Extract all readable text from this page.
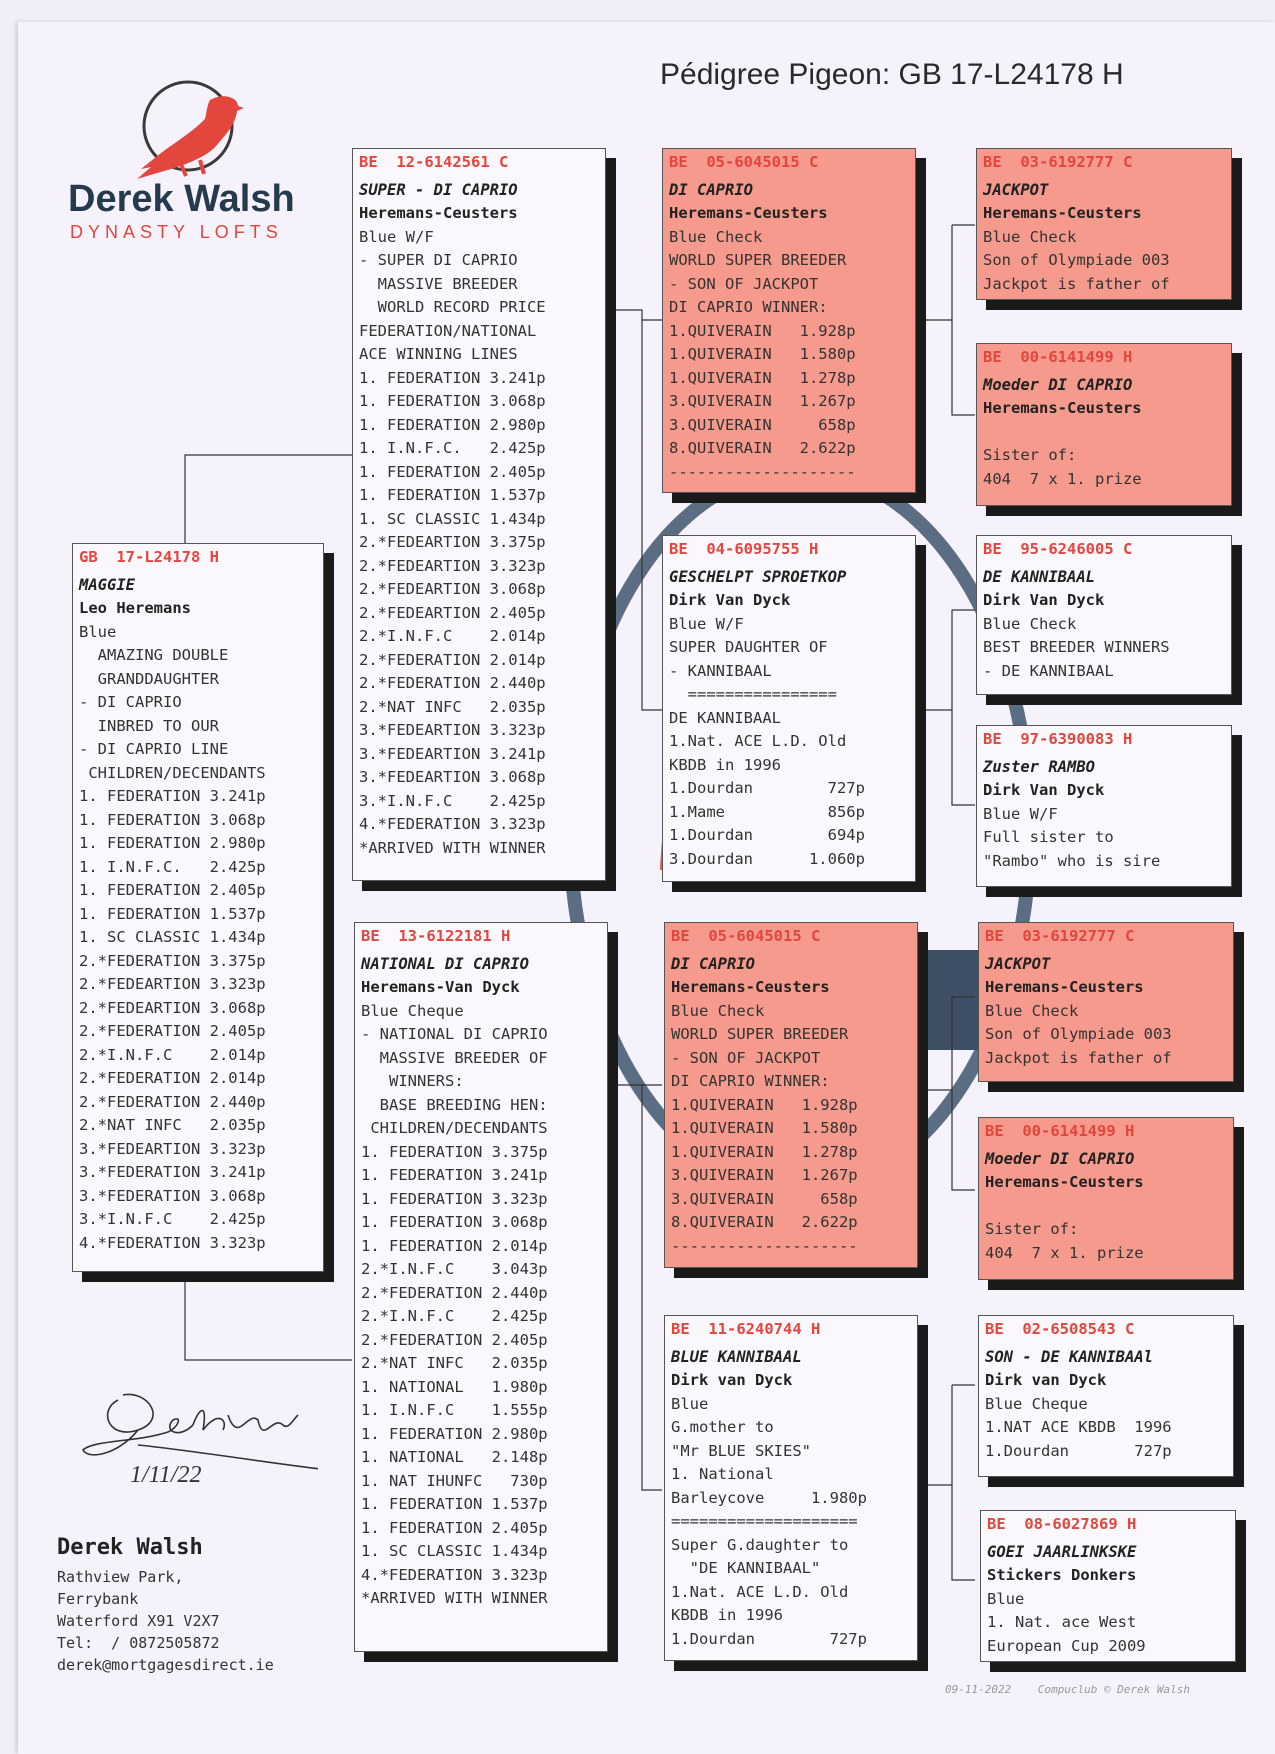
Pédigree Pigeon: GB 17-L24178 H
Derek Walsh
DYNASTY LOFTS
GB  17-L24178 H
MAGGIE
Leo Heremans
Blue
AMAZING DOUBLE
GRANDDAUGHTER
- DI CAPRIO
INBRED TO OUR
- DI CAPRIO LINE
CHILDREN/DECENDANTS
1. FEDERATION 3.241p
1. FEDERATION 3.068p
1. FEDERATION 2.980p
1. I.N.F.C.   2.425p
1. FEDERATION 2.405p
1. FEDERATION 1.537p
1. SC CLASSIC 1.434p
2.*FEDERATION 3.375p
2.*FEDEARTION 3.323p
2.*FEDEARTION 3.068p
2.*FEDERATION 2.405p
2.*I.N.F.C    2.014p
2.*FEDERATION 2.014p
2.*FEDERATION 2.440p
2.*NAT INFC   2.035p
3.*FEDEARTION 3.323p
3.*FEDERATION 3.241p
3.*FEDERATION 3.068p
3.*I.N.F.C    2.425p
4.*FEDERATION 3.323p
BE  12-6142561 C
SUPER - DI CAPRIO
Heremans-Ceusters
Blue W/F
- SUPER DI CAPRIO
MASSIVE BREEDER
WORLD RECORD PRICE
FEDERATION/NATIONAL
ACE WINNING LINES
1. FEDERATION 3.241p
1. FEDERATION 3.068p
1. FEDERATION 2.980p
1. I.N.F.C.   2.425p
1. FEDERATION 2.405p
1. FEDERATION 1.537p
1. SC CLASSIC 1.434p
2.*FEDEARTION 3.375p
2.*FEDEARTION 3.323p
2.*FEDEARTION 3.068p
2.*FEDEARTION 2.405p
2.*I.N.F.C    2.014p
2.*FEDERATION 2.014p
2.*FEDERATION 2.440p
2.*NAT INFC   2.035p
3.*FEDEARTION 3.323p
3.*FEDEARTION 3.241p
3.*FEDEARTION 3.068p
3.*I.N.F.C    2.425p
4.*FEDERATION 3.323p
*ARRIVED WITH WINNER
BE  13-6122181 H
NATIONAL DI CAPRIO
Heremans-Van Dyck
Blue Cheque
- NATIONAL DI CAPRIO
MASSIVE BREEDER OF
WINNERS:
BASE BREEDING HEN:
CHILDREN/DECENDANTS
1. FEDERATION 3.375p
1. FEDERATION 3.241p
1. FEDERATION 3.323p
1. FEDERATION 3.068p
1. FEDERATION 2.014p
2.*I.N.F.C    3.043p
2.*FEDERATION 2.440p
2.*I.N.F.C    2.425p
2.*FEDERATION 2.405p
2.*NAT INFC   2.035p
1. NATIONAL   1.980p
1. I.N.F.C    1.555p
1. FEDERATION 2.980p
1. NATIONAL   2.148p
1. NAT IHUNFC   730p
1. FEDERATION 1.537p
1. FEDERATION 2.405p
1. SC CLASSIC 1.434p
4.*FEDERATION 3.323p
*ARRIVED WITH WINNER
BE  05-6045015 C
DI CAPRIO
Heremans-Ceusters
Blue Check
WORLD SUPER BREEDER
- SON OF JACKPOT
DI CAPRIO WINNER:
1.QUIVERAIN   1.928p
1.QUIVERAIN   1.580p
1.QUIVERAIN   1.278p
3.QUIVERAIN   1.267p
3.QUIVERAIN     658p
8.QUIVERAIN   2.622p
--------------------
BE  04-6095755 H
GESCHELPT SPROETKOP
Dirk Van Dyck
Blue W/F
SUPER DAUGHTER OF
- KANNIBAAL
================
DE KANNIBAAL
1.Nat. ACE L.D. Old
KBDB in 1996
1.Dourdan        727p
1.Mame           856p
1.Dourdan        694p
3.Dourdan      1.060p
BE  05-6045015 C
DI CAPRIO
Heremans-Ceusters
Blue Check
WORLD SUPER BREEDER
- SON OF JACKPOT
DI CAPRIO WINNER:
1.QUIVERAIN   1.928p
1.QUIVERAIN   1.580p
1.QUIVERAIN   1.278p
3.QUIVERAIN   1.267p
3.QUIVERAIN     658p
8.QUIVERAIN   2.622p
--------------------
BE  11-6240744 H
BLUE KANNIBAAL
Dirk van Dyck
Blue
G.mother to
"Mr BLUE SKIES"
1. National
Barleycove     1.980p
====================
Super G.daughter to
"DE KANNIBAAL"
1.Nat. ACE L.D. Old
KBDB in 1996
1.Dourdan        727p
BE  03-6192777 C
JACKPOT
Heremans-Ceusters
Blue Check
Son of Olympiade 003
Jackpot is father of
BE  00-6141499 H
Moeder DI CAPRIO
Heremans-Ceusters
Sister of:
404  7 x 1. prize
BE  95-6246005 C
DE KANNIBAAL
Dirk Van Dyck
Blue Check
BEST BREEDER WINNERS
- DE KANNIBAAL
BE  97-6390083 H
Zuster RAMBO
Dirk Van Dyck
Blue W/F
Full sister to
"Rambo" who is sire
BE  03-6192777 C
JACKPOT
Heremans-Ceusters
Blue Check
Son of Olympiade 003
Jackpot is father of
BE  00-6141499 H
Moeder DI CAPRIO
Heremans-Ceusters
Sister of:
404  7 x 1. prize
BE  02-6508543 C
SON - DE KANNIBAAl
Dirk van Dyck
Blue Cheque
1.NAT ACE KBDB  1996
1.Dourdan       727p
BE  08-6027869 H
GOEI JAARLINKSKE
Stickers Donkers
Blue
1. Nat. ace West
European Cup 2009
1/11/22
Derek Walsh
Rathview Park,
Ferrybank
Waterford X91 V2X7
Tel:  / 0872505872
derek@mortgagesdirect.ie
09-11-2022    Compuclub © Derek Walsh
